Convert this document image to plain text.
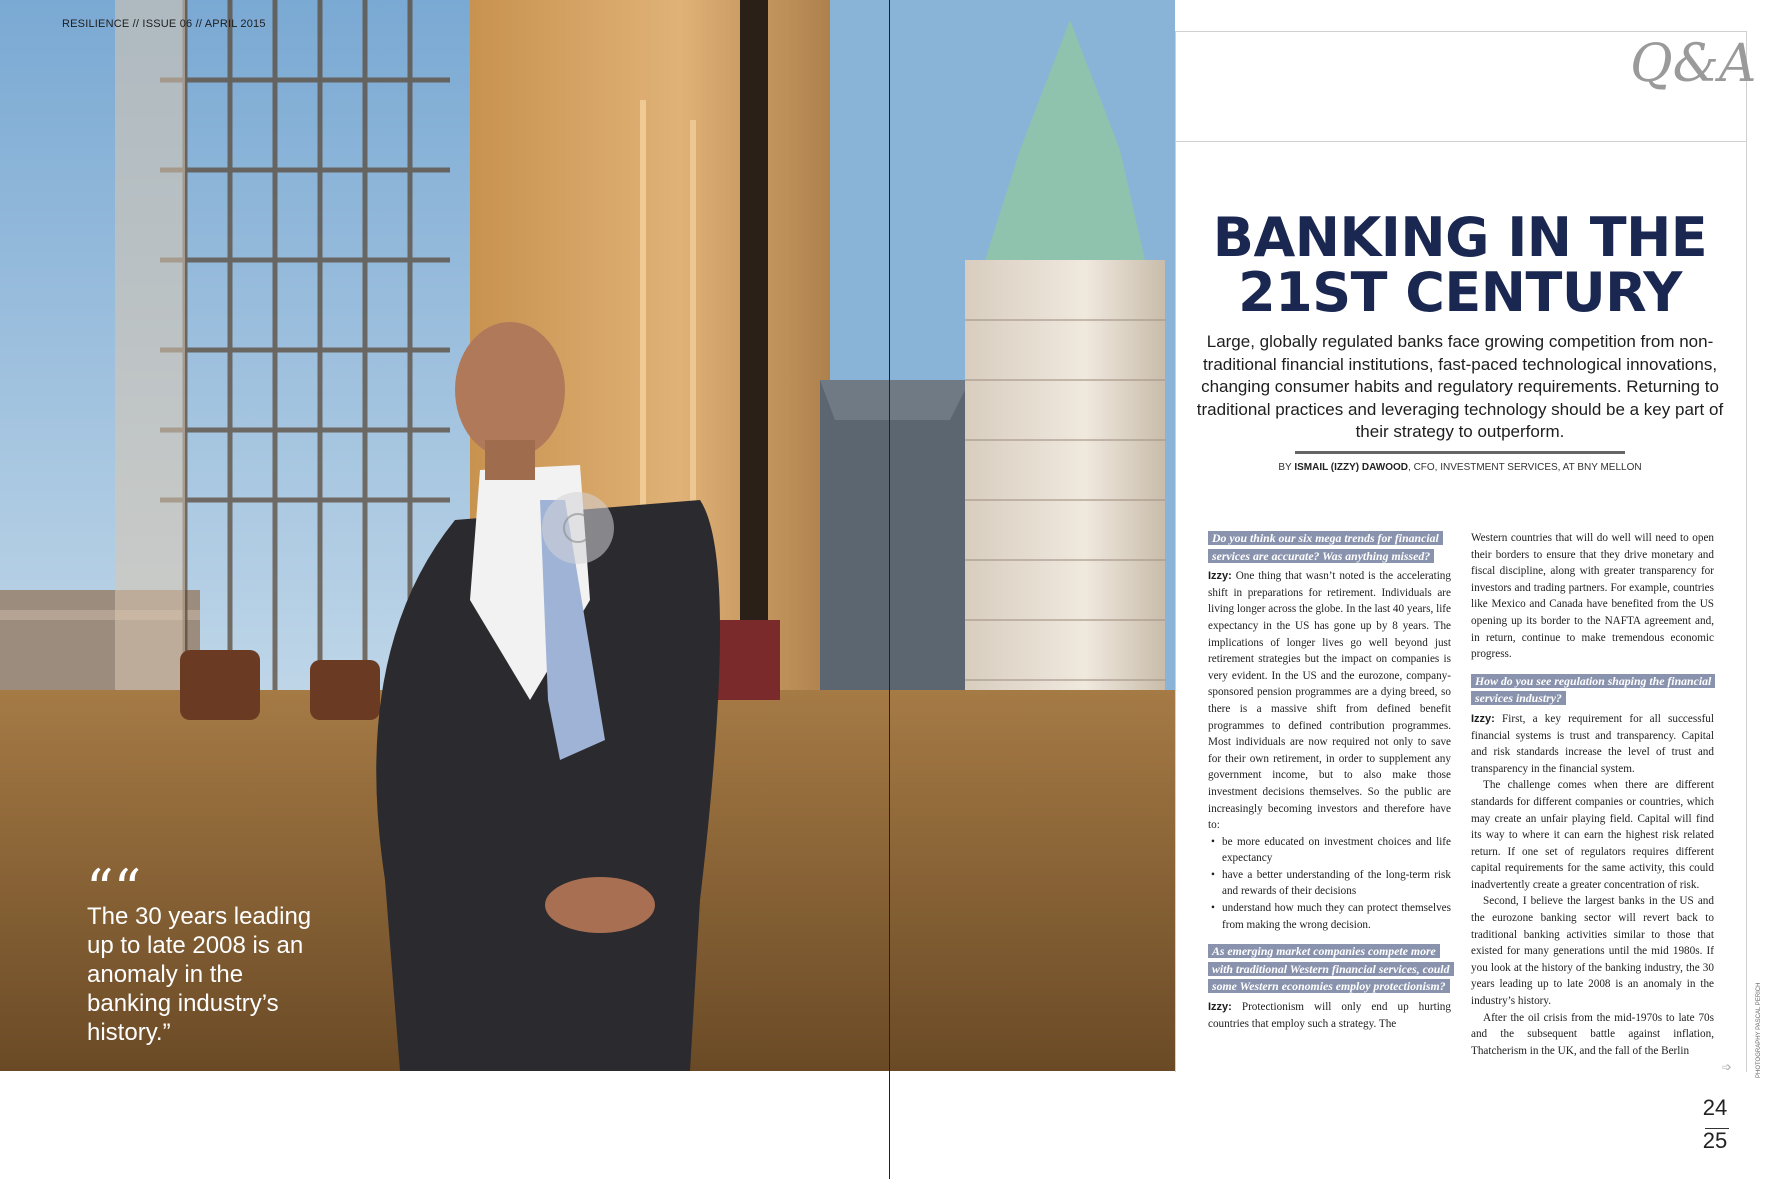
RESILIENCE // ISSUE 06 // APRIL 2015
““
The 30 years leading up to late 2008 is an anomaly in the banking industry’s history.”
Q&A
BANKING IN THE
21ST CENTURY
Large, globally regulated banks face growing competition from non-traditional financial institutions, fast-paced technological innovations, changing consumer habits and regulatory requirements. Returning to traditional practices and leveraging technology should be a key part of their strategy to outperform.
BY ISMAIL (IZZY) DAWOOD, CFO, INVESTMENT SERVICES, AT BNY MELLON
Do you think our six mega trends for financial services are accurate? Was anything missed?

Izzy: One thing that wasn’t noted is the accelerating shift in preparations for retirement. Individuals are living longer across the globe. In the last 40 years, life expectancy in the US has gone up by 8 years. The implications of longer lives go well beyond just retirement strategies but the impact on companies is very evident. In the US and the eurozone, company-sponsored pension programmes are a dying breed, so there is a massive shift from defined benefit programmes to defined contribution programmes. Most individuals are now required not only to save for their own retirement, in order to supplement any government income, but to also make those investment decisions themselves. So the public are increasingly becoming investors and therefore have to:

• be more educated on investment choices and life expectancy
• have a better understanding of the long-term risk and rewards of their decisions
• understand how much they can protect themselves from making the wrong decision.
As emerging market companies compete more with traditional Western financial services, could some Western economies employ protectionism?

Izzy: Protectionism will only end up hurting countries that employ such a strategy. The

Western countries that will do well will need to open their borders to ensure that they drive monetary and fiscal discipline, along with greater transparency for investors and trading partners. For example, countries like Mexico and Canada have benefited from the US opening up its border to the NAFTA agreement and, in return, continue to make tremendous economic progress.

How do you see regulation shaping the financial services industry?

Izzy: First, a key requirement for all successful financial systems is trust and transparency. Capital and risk standards increase the level of trust and transparency in the financial system.

The challenge comes when there are different standards for different companies or countries, which may create an unfair playing field. Capital will find its way to where it can earn the highest risk related return. If one set of regulators requires different capital requirements for the same activity, this could inadvertently create a greater concentration of risk.

Second, I believe the largest banks in the US and the eurozone banking sector will revert back to traditional banking activities similar to those that existed for many generations until the mid 1980s. If you look at the history of the banking industry, the 30 years leading up to late 2008 is an anomaly in the industry’s history.

After the oil crisis from the mid-1970s to late 70s and the subsequent battle against inflation, Thatcherism in the UK, and the fall of the Berlin

➩	PHOTOGRAPHY PASCAL PERICH
24
25
